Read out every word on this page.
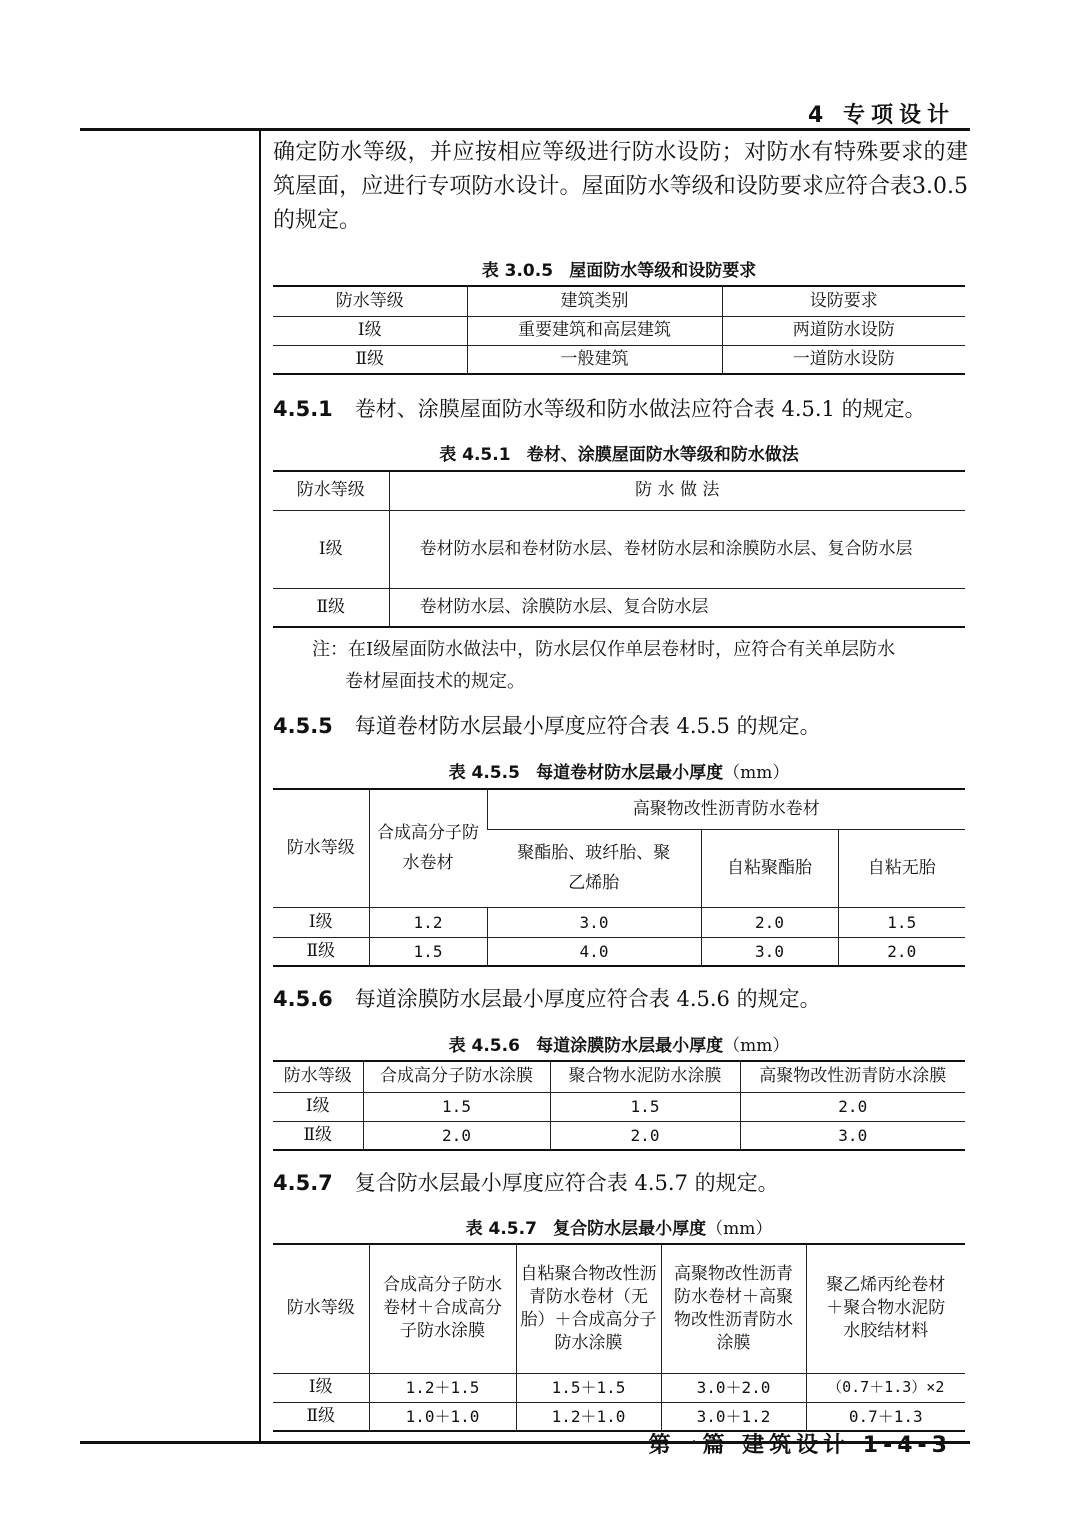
4 专项设计
确定防水等级，并应按相应等级进行防水设防；对防水有特殊要求的建筑屋面，应进行专项防水设计。屋面防水等级和设防要求应符合表3.0.5的规定。
表 3.0.5 屋面防水等级和设防要求
防水等级	建筑类别	设防要求
Ⅰ级	重要建筑和高层建筑	两道防水设防
Ⅱ级	一般建筑	一道防水设防
4.5.1 卷材、涂膜屋面防水等级和防水做法应符合表 4.5.1 的规定。
表 4.5.1 卷材、涂膜屋面防水等级和防水做法
防水等级	防 水 做 法
Ⅰ级	卷材防水层和卷材防水层、卷材防水层和涂膜防水层、复合防水层
Ⅱ级	卷材防水层、涂膜防水层、复合防水层
注：在Ⅰ级屋面防水做法中，防水层仅作单层卷材时，应符合有关单层防水
卷材屋面技术的规定。
4.5.5 每道卷材防水层最小厚度应符合表 4.5.5 的规定。
表 4.5.5 每道卷材防水层最小厚度（mm）
防水等级	合成高分子防水卷材	高聚物改性沥青防水卷材		
		聚酯胎、玻纤胎、聚乙烯胎	自粘聚酯胎	自粘无胎
Ⅰ级	1.2	3.0	2.0	1.5
Ⅱ级	1.5	4.0	3.0	2.0
4.5.6 每道涂膜防水层最小厚度应符合表 4.5.6 的规定。
表 4.5.6 每道涂膜防水层最小厚度（mm）
防水等级	合成高分子防水涂膜	聚合物水泥防水涂膜	高聚物改性沥青防水涂膜
Ⅰ级	1.5	1.5	2.0
Ⅱ级	2.0	2.0	3.0
4.5.7 复合防水层最小厚度应符合表 4.5.7 的规定。
表 4.5.7 复合防水层最小厚度（mm）
防水等级	合成高分子防水卷材＋合成高分子防水涂膜	自粘聚合物改性沥青防水卷材（无胎）＋合成高分子防水涂膜	高聚物改性沥青防水卷材＋高聚物改性沥青防水涂膜	聚乙烯丙纶卷材＋聚合物水泥防水胶结材料
Ⅰ级	1.2＋1.5	1.5＋1.5	3.0＋2.0	（0.7＋1.3）×2
Ⅱ级	1.0＋1.0	1.2＋1.0	3.0＋1.2	0.7＋1.3
第一篇 建筑设计 1-4-3
